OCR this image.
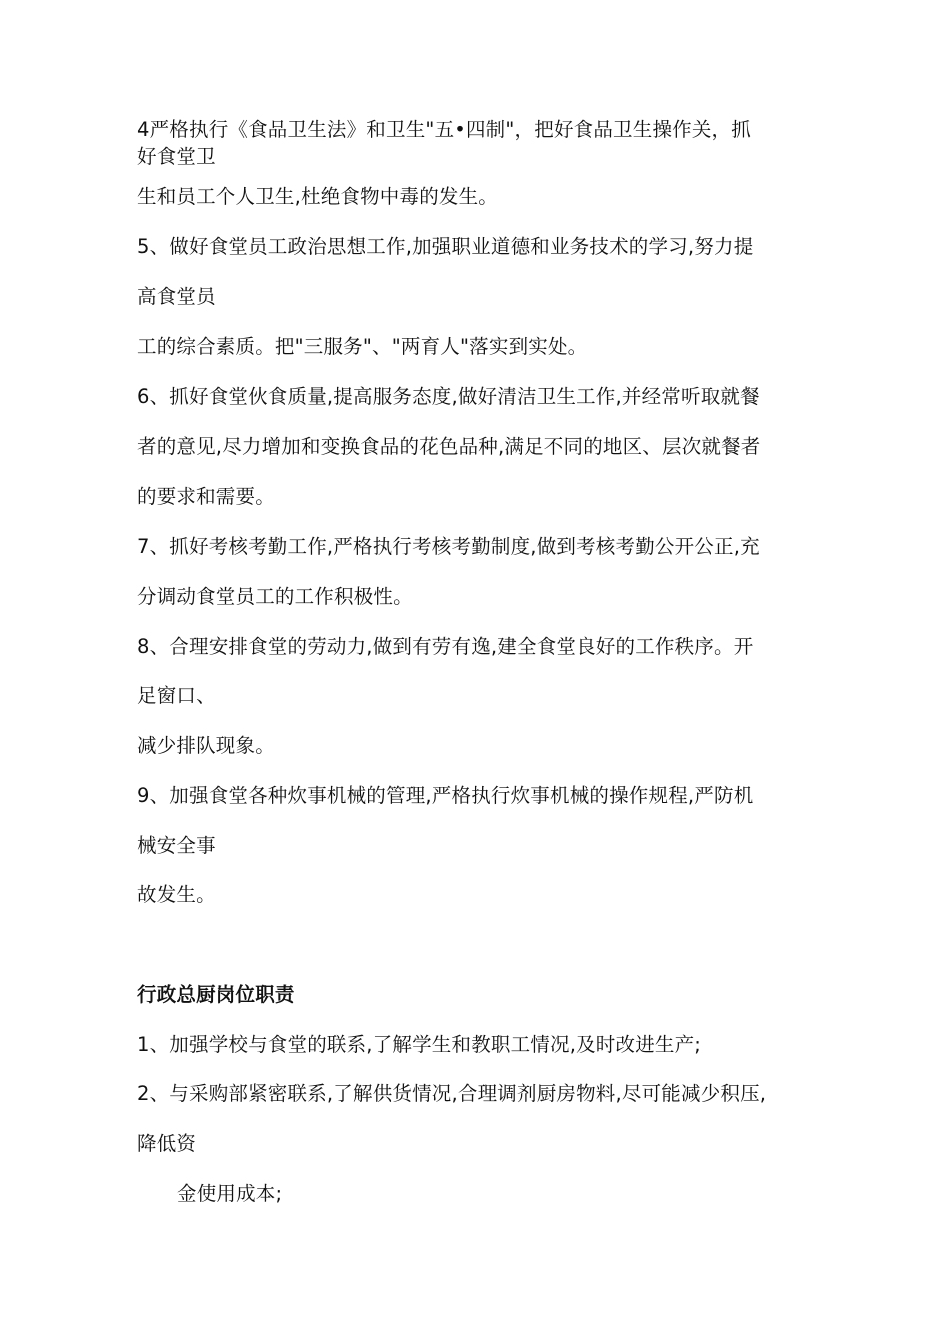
4严格执行《食品卫生法》和卫生"五•四制"，把好食品卫生操作关，抓
好食堂卫
生和员工个人卫生,杜绝食物中毒的发生。
5、做好食堂员工政治思想工作,加强职业道德和业务技术的学习,努力提
高食堂员
工的综合素质。把"三服务"、"两育人"落实到实处。
6、抓好食堂伙食质量,提高服务态度,做好清洁卫生工作,并经常听取就餐
者的意见,尽力增加和变换食品的花色品种,满足不同的地区、层次就餐者
的要求和需要。
7、抓好考核考勤工作,严格执行考核考勤制度,做到考核考勤公开公正,充
分调动食堂员工的工作积极性。
8、合理安排食堂的劳动力,做到有劳有逸,建全食堂良好的工作秩序。开
足窗口、
减少排队现象。
9、加强食堂各种炊事机械的管理,严格执行炊事机械的操作规程,严防机
械安全事
故发生。
行政总厨岗位职责
1、加强学校与食堂的联系,了解学生和教职工情况,及时改进生产;
2、与采购部紧密联系,了解供货情况,合理调剂厨房物料,尽可能减少积压,
降低资
金使用成本;
